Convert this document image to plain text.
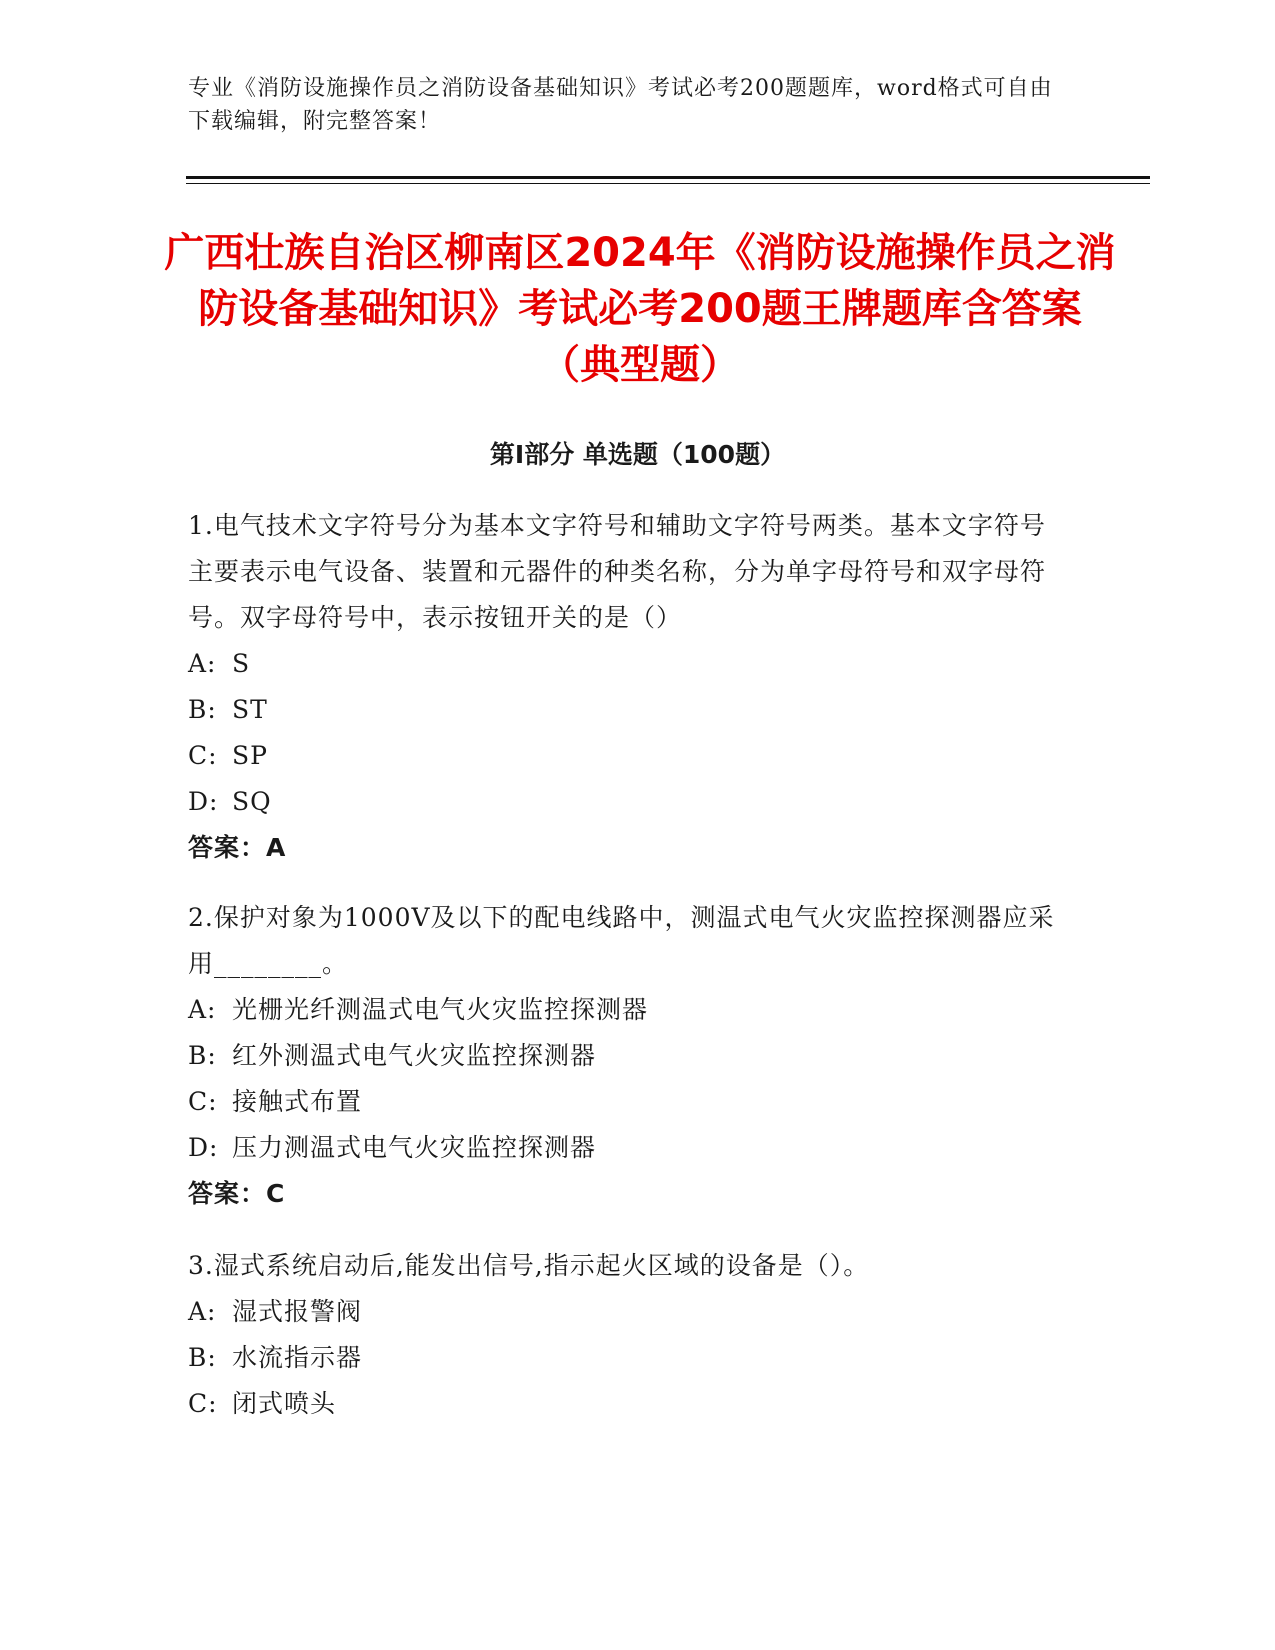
专业《消防设施操作员之消防设备基础知识》考试必考200题题库，word格式可自由下载编辑，附完整答案！
广西壮族自治区柳南区2024年《消防设施操作员之消防设备基础知识》考试必考200题王牌题库含答案（典型题）
第Ⅰ部分 单选题（100题）
1.电气技术文字符号分为基本文字符号和辅助文字符号两类。基本文字符号主要表示电气设备、装置和元器件的种类名称，分为单字母符号和双字母符号。双字母符号中，表示按钮开关的是（）
A: S
B: ST
C: SP
D: SQ
答案：A
2.保护对象为1000V及以下的配电线路中，测温式电气火灾监控探测器应采用________。
A: 光栅光纤测温式电气火灾监控探测器
B: 红外测温式电气火灾监控探测器
C: 接触式布置
D: 压力测温式电气火灾监控探测器
答案：C
3.湿式系统启动后,能发出信号,指示起火区域的设备是（）。
A: 湿式报警阀
B: 水流指示器
C: 闭式喷头
